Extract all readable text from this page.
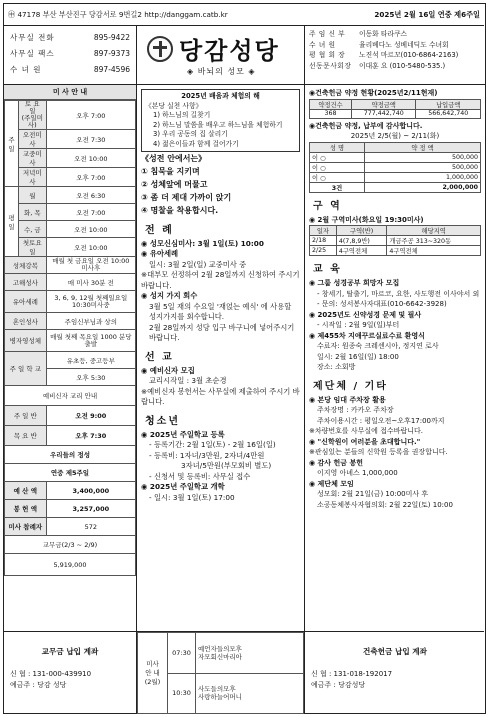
㊥ 47178 부산 부산진구 당감서로 9번길2 http://danggam.catb.kr	2025년 2월 16일 연중 제6주일
사무실 전화	895-9422
사무실 팩스	897-9373
수 녀 원	897-4596
당감성당
◈ 바뇌의 성모 ◈
주 임 신 부	이동화 타라쿠스
수 녀 원	율리베다노 성베네딕도 수녀회
평 협 회 장	노진석 마르꼬(010-6864-2163)
선동문사회장	이대훈 요 (010-5480-535.)
미 사 안 내
주일	토 요 일
(주일미사)	오후 7:00
	오전미사	오전 7:30
	교중미사	오전 10:00
	저녁미사	오후 7:00
평일	월	오전 6:30
	화, 목	오전 7:00
	수, 금	오전 10:00
	첫토요일	오전 10:00
성체강복		매월 첫 금요일 오전 10:00 미사후
고해성사		매 미사 30분 전
유아세례		3, 6, 9, 12월 첫째일요일10:30미사중
혼인성사		주임신부님과 상의
병자영성체		매월 첫째 목요일 1000 분당 출발
주 일 학 교		유초등, 중고등부
		오후 5:30
예비신자 교리 안내		
주 일 반		오전 9:00
목 요 반		오후 7:30
우리들의 정성		
연중 제5주일		
예 산 액		3,400,000
봉 헌 액		3,257,000
미사 참례자		572
교무금(2/3 ~ 2/9)		
5,919,000		
2025년 배움과 체험의 해
《본당 실천 사항》
1) 하느님의 길찾기
2) 하느님 말씀을 배우고 하느님을 체험하기
3) 우리 공동의 집 살리기
4) 젊은이들과 함께 걸어가기
《성전 안에서는》
① 침묵을 지키며
② 성체앞에 머물고
③ 좀 더 제대 가까이 앉기
④ 명찰을 착용합시다.
전 례
◉ 성모신심미사: 3월 1일(토) 10:00
◉ 유아세례
일시: 3월 2일(일) 교중미사 중
※대부모 선정하여 2월 28일까지 신청하여 주시기 바랍니다.
◉ 성지 가지 회수
3월 5일 재의 수요일 '재얹는 예식' 에 사용할 성지가지를 회수합니다.
2월 28일까지 성당 입구 바구니에 넣어주시기 바랍니다.
선 교
◉ 예비신자 모집
교리시작일 : 3월 초순경
※예비신자 봉헌서는 사무실에 제출하여 주시기 바랍니다.
청소년
◉ 2025년 주일학교 등록
- 등록기간: 2월 1일(토) - 2월 16일(일)
- 등록비: 1자녀/3만원, 2자녀/4만원
3자녀/5만원(부모회비 별도)
- 신청서 및 등록비: 사무실 접수
◉ 2025년 주일학교 개학
- 일시: 3월 1일(토) 17:00
◉건축헌금 약정 현황(2025년2/11현재)
약정건수	약정금액	납입금액
368	777,442,740	566,642,740
◉건축헌금 약정, 납부에 감사합니다.
2025년 2/5(월) ~ 2/11(화)
성 명	약 정 액
이 ○	500,000
이 ○	500,000
이 ○	1,000,000
3건	2,000,000
구 역
◉ 2월 구역미사(화요일 19:30미사)
일자	구역(반)	해당지역
2/18	4(7,8,9반)	개금주공 313~320동
2/25	4구역전체	4구역전체
교 육
◉ 그룹 성경공부 희망자 모집
- 창세기, 탈출기, 마르코, 요한, 사도행전 이사야서 외
- 문의: 성서봉사자대표(010-6642-3928)
◉ 2025년도 신약성경 문제 및 필사
- 시작일 : 2월 9일(일)부터
◉ 제455차 지애꾸르실료수료 환영식
수료자: 원종숙 크레센시아, 정지연 로사
일시: 2월 16일(일) 18:00
장소: 소회방
제단체 / 기타
◉ 본당 임대 주차장 활용
주차장명 : 카카오 주차장
주차이용시간 : 평일오전~오후17:00까지
※차량번호를 사무실에 접수바랍니다.
◉ "신학원이 여러분을 초대합니다."
※관심있는 분들의 신학원 등록을 권장합니다.
◉ 감사 헌금 봉헌
이지영 아녜스 1,000,000
◉ 제단체 모임
성모회: 2월 21일(금) 10:00미사 후
소공동체봉사자협의회: 2월 22일(토) 10:00
교무금 납입 계좌
신 협 : 131-000-439910
예금주 : 당감 성당
미사
안 내
(2월)	07:30	예언자들의모후
자모회신마리아
	10:30	사도들의모후
사랑하늘어머니
건축헌금 납입 계좌
신 협 : 131-018-192017
예금주 : 당감성당
